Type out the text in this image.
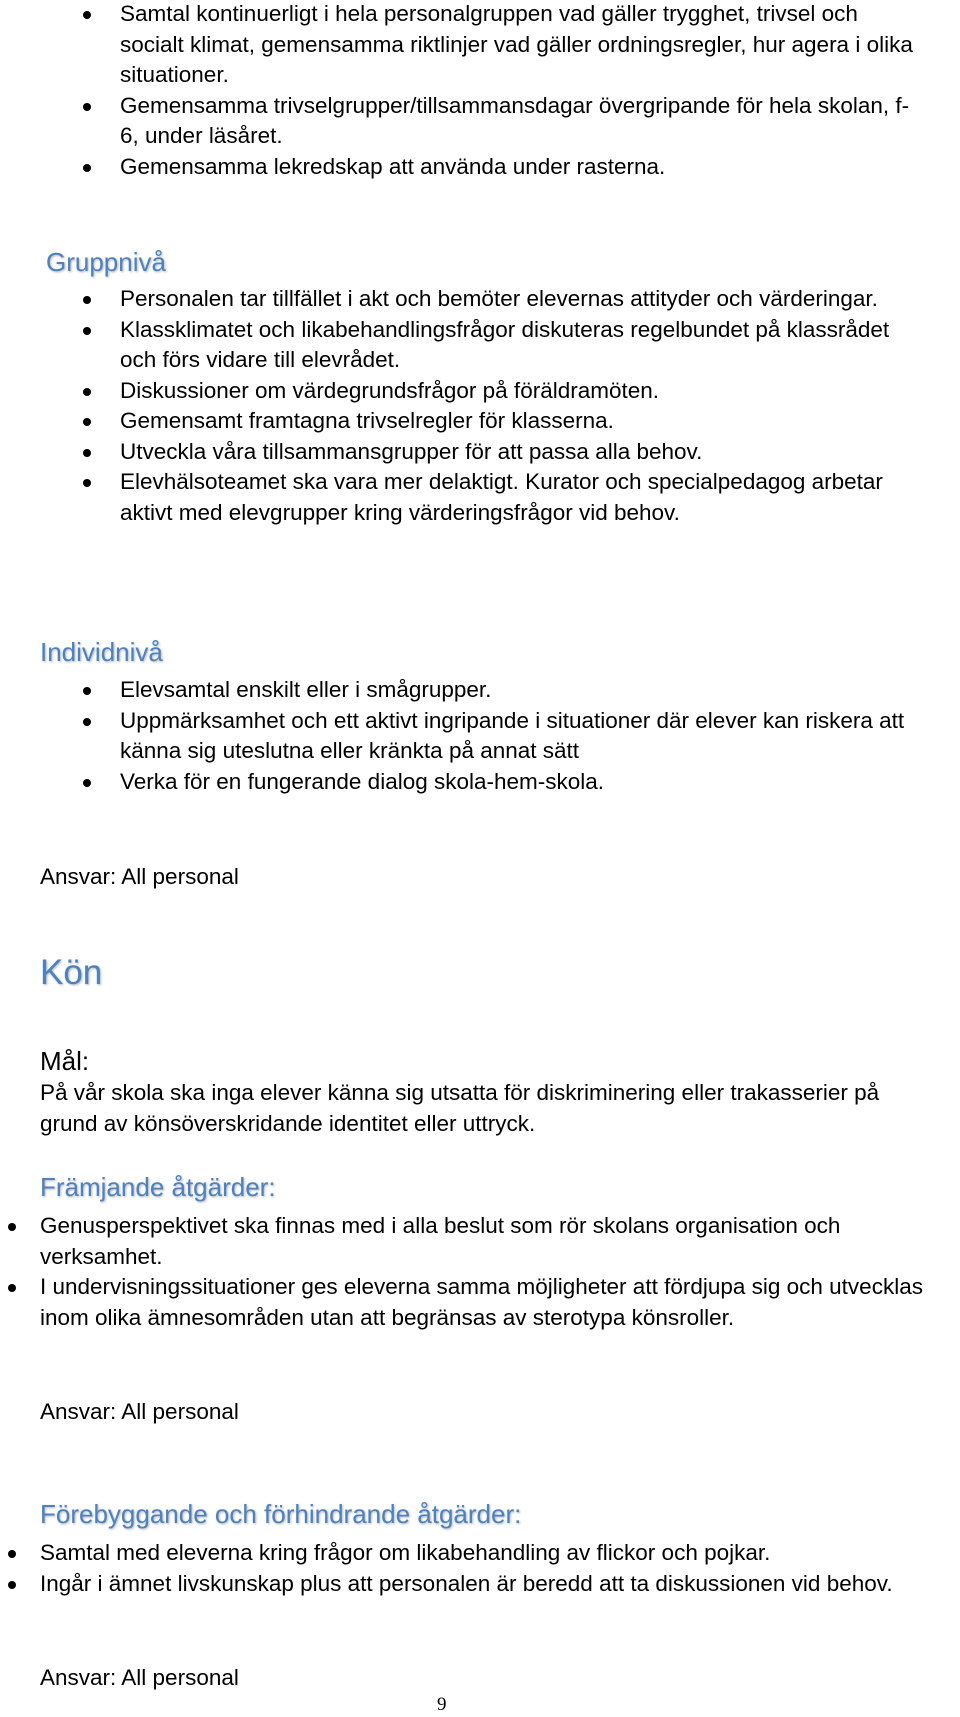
Samtal kontinuerligt i hela personalgruppen vad gäller trygghet, trivsel och socialt klimat, gemensamma riktlinjer vad gäller ordningsregler, hur agera i olika situationer.
Gemensamma trivselgrupper/tillsammansdagar övergripande för hela skolan, f-6, under läsåret.
Gemensamma lekredskap att använda under rasterna.
Gruppnivå
Personalen tar tillfället i akt och bemöter elevernas attityder och värderingar.
Klassklimatet och likabehandlingsfrågor diskuteras regelbundet på klassrådet och förs vidare till elevrådet.
Diskussioner om värdegrundsfrågor på föräldramöten.
Gemensamt framtagna trivselregler för klasserna.
Utveckla våra tillsammansgrupper för att passa alla behov.
Elevhälsoteamet ska vara mer delaktigt. Kurator och specialpedagog arbetar aktivt med elevgrupper kring värderingsfrågor vid behov.
Individnivå
Elevsamtal enskilt eller i smågrupper.
Uppmärksamhet och ett aktivt ingripande i situationer där elever kan riskera att känna sig uteslutna eller kränkta på annat sätt
Verka för en fungerande dialog skola-hem-skola.
Ansvar: All personal
Kön
Mål:
På vår skola ska inga elever känna sig utsatta för diskriminering eller trakasserier på grund av könsöverskridande identitet eller uttryck.
Främjande åtgärder:
Genusperspektivet ska finnas med i alla beslut som rör skolans organisation och verksamhet.
I undervisningssituationer ges eleverna samma möjligheter att fördjupa sig och utvecklas inom olika ämnesområden utan att begränsas av sterotypa könsroller.
Ansvar: All personal
Förebyggande och förhindrande åtgärder:
Samtal med eleverna kring frågor om likabehandling av flickor och pojkar.
Ingår i ämnet livskunskap plus att personalen är beredd att ta diskussionen vid behov.
Ansvar: All personal
9
